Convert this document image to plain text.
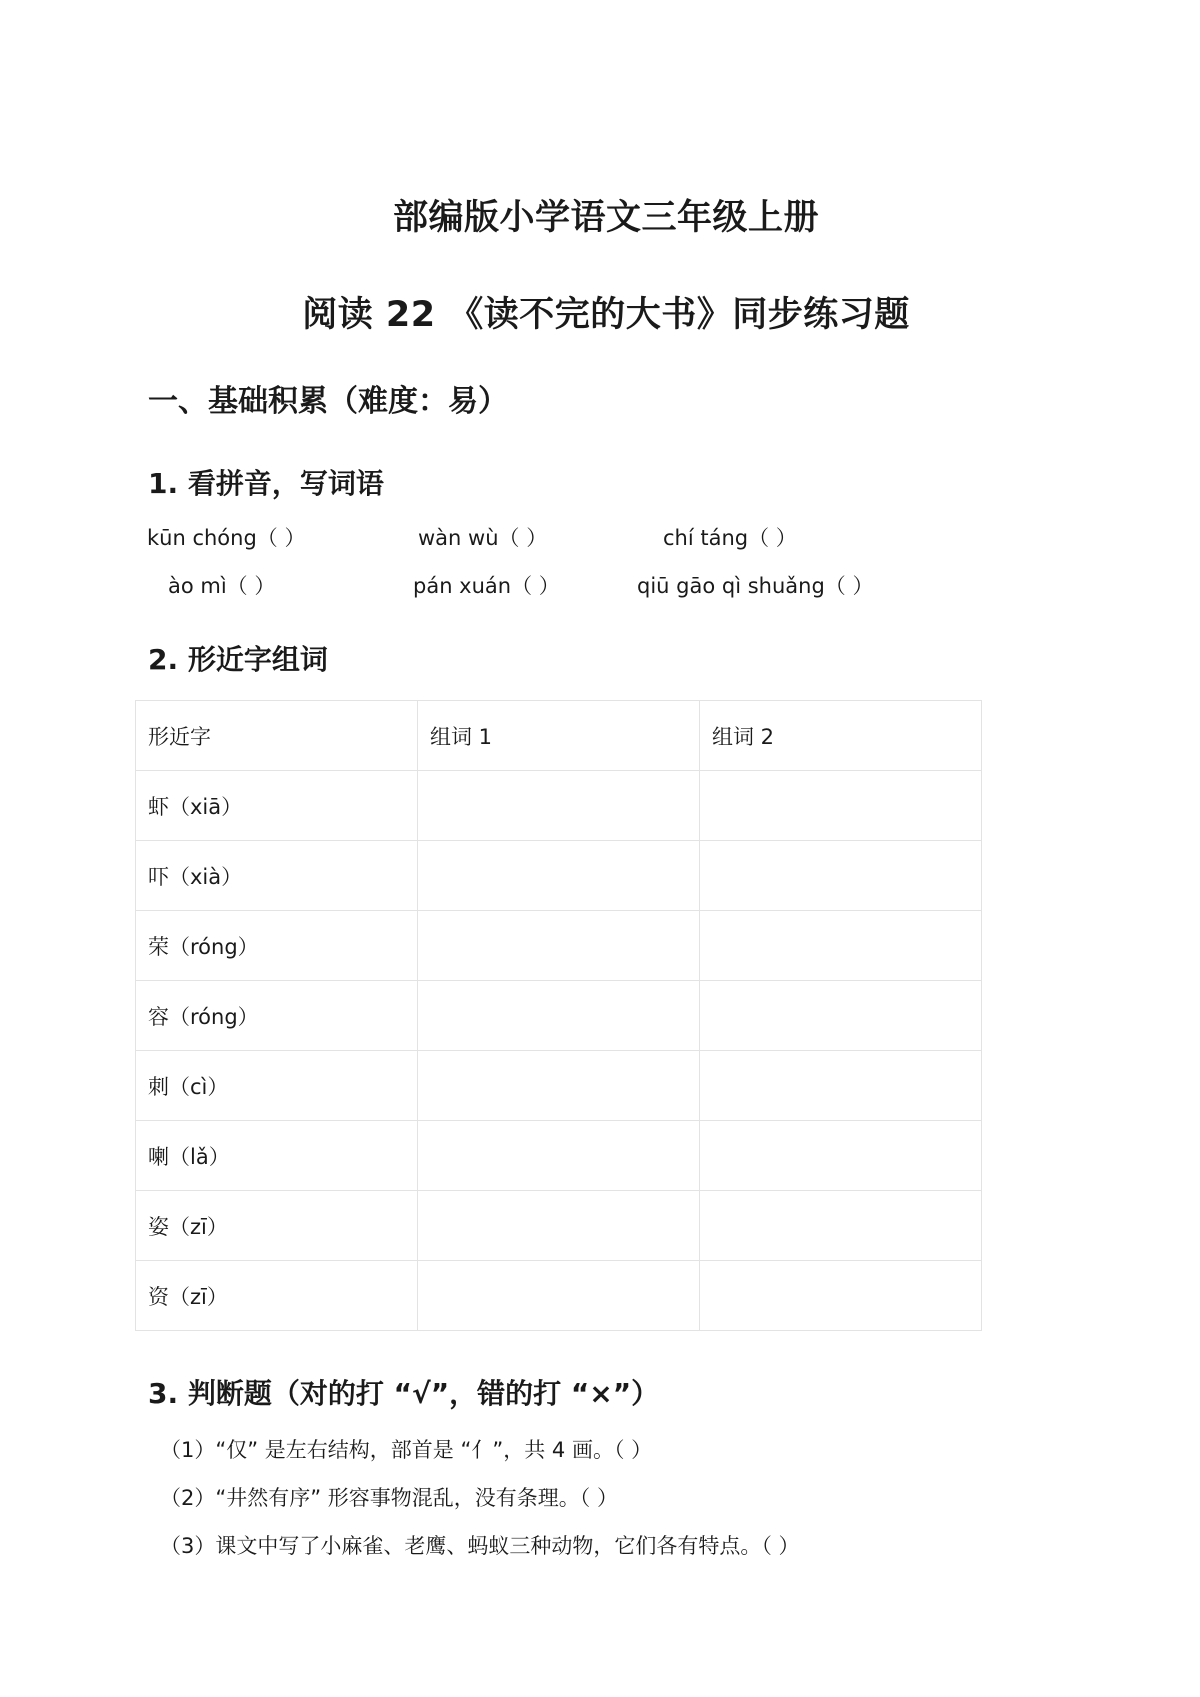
部编版小学语文三年级上册
阅读 22 《读不完的大书》同步练习题
一、基础积累（难度：易）
1. 看拼音，写词语
kūn chóng（ ）	wàn wù（ ）	chí táng（ ）
ào mì（ ）	pán xuán（ ）	qiū gāo qì shuǎng（ ）
2. 形近字组词
形近字	组词 1	组词 2
虾（xiā）		
吓（xià）		
荣（róng）		
容（róng）		
刺（cì）		
喇（lǎ）		
姿（zī）		
资（zī）		
3. 判断题（对的打 “√”，错的打 “×”）
（1）“仅” 是左右结构，部首是 “亻”，共 4 画。（ ）
（2）“井然有序” 形容事物混乱，没有条理。（ ）
（3）课文中写了小麻雀、老鹰、蚂蚁三种动物，它们各有特点。（ ）
